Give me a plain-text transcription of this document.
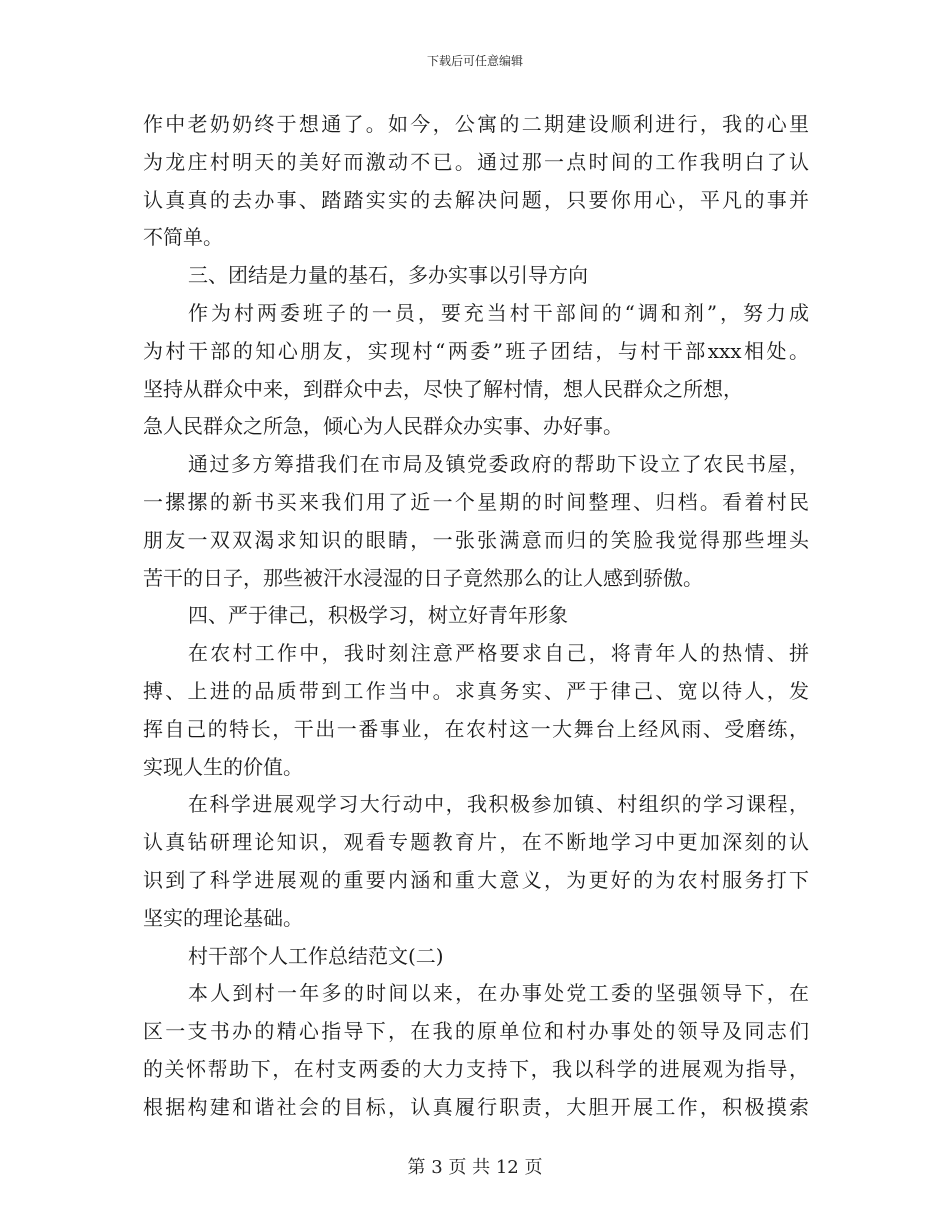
下载后可任意编辑
作中老奶奶终于想通了。如今，公寓的二期建设顺利进行，我的心里
为龙庄村明天的美好而激动不已。通过那一点时间的工作我明白了认
认真真的去办事、踏踏实实的去解决问题，只要你用心，平凡的事并
不简单。
三、团结是力量的基石，多办实事以引导方向
作为村两委班子的一员，要充当村干部间的“调和剂”，努力成
为村干部的知心朋友，实现村“两委”班子团结，与村干部xxx相处。
坚持从群众中来，到群众中去，尽快了解村情，想人民群众之所想，
急人民群众之所急，倾心为人民群众办实事、办好事。
通过多方筹措我们在市局及镇党委政府的帮助下设立了农民书屋，
一摞摞的新书买来我们用了近一个星期的时间整理、归档。看着村民
朋友一双双渴求知识的眼睛，一张张满意而归的笑脸我觉得那些埋头
苦干的日子，那些被汗水浸湿的日子竟然那么的让人感到骄傲。
四、严于律己，积极学习，树立好青年形象
在农村工作中，我时刻注意严格要求自己，将青年人的热情、拼
搏、上进的品质带到工作当中。求真务实、严于律己、宽以待人，发
挥自己的特长，干出一番事业，在农村这一大舞台上经风雨、受磨练，
实现人生的价值。
在科学进展观学习大行动中，我积极参加镇、村组织的学习课程，
认真钻研理论知识，观看专题教育片，在不断地学习中更加深刻的认
识到了科学进展观的重要内涵和重大意义，为更好的为农村服务打下
坚实的理论基础。
村干部个人工作总结范文(二)
本人到村一年多的时间以来，在办事处党工委的坚强领导下，在
区一支书办的精心指导下，在我的原单位和村办事处的领导及同志们
的关怀帮助下，在村支两委的大力支持下，我以科学的进展观为指导，
根据构建和谐社会的目标，认真履行职责，大胆开展工作，积极摸索
第 3 页 共 12 页
